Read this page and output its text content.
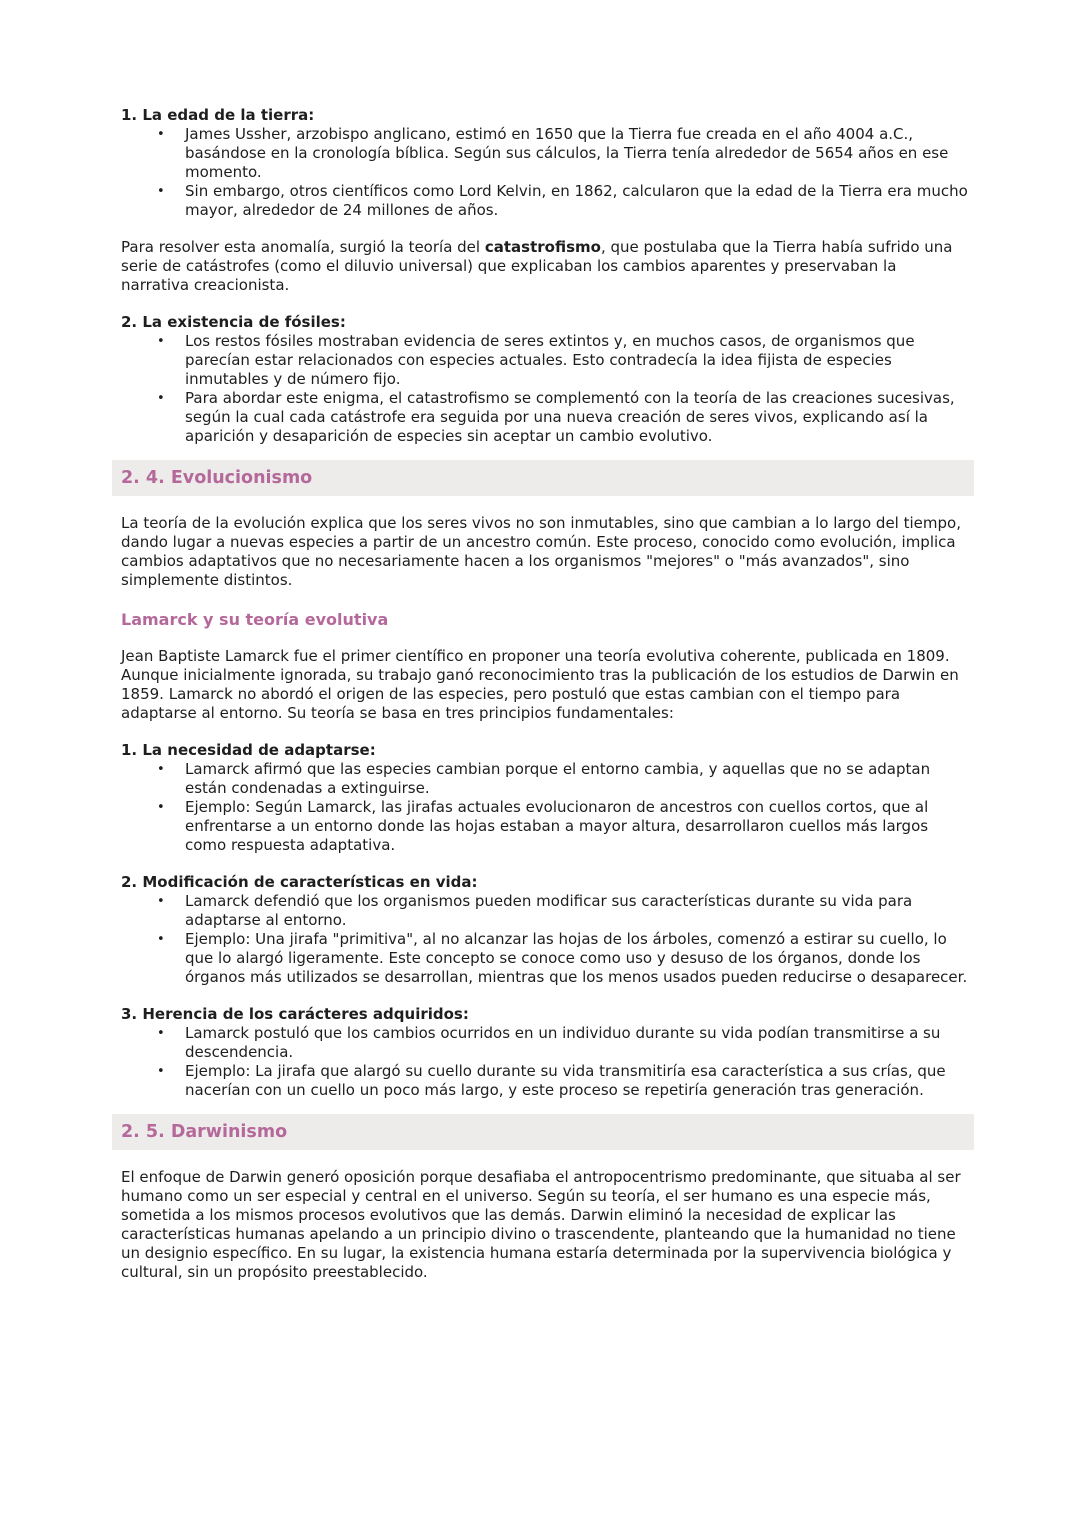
1. La edad de la tierra:
• James Ussher, arzobispo anglicano, estimó en 1650 que la Tierra fue creada en el año 4004 a.C., basándose en la cronología bíblica. Según sus cálculos, la Tierra tenía alrededor de 5654 años en ese momento.
• Sin embargo, otros científicos como Lord Kelvin, en 1862, calcularon que la edad de la Tierra era mucho mayor, alrededor de 24 millones de años.

Para resolver esta anomalía, surgió la teoría del catastrofismo, que postulaba que la Tierra había sufrido una serie de catástrofes (como el diluvio universal) que explicaban los cambios aparentes y preservaban la narrativa creacionista.

2. La existencia de fósiles:
• Los restos fósiles mostraban evidencia de seres extintos y, en muchos casos, de organismos que parecían estar relacionados con especies actuales. Esto contradecía la idea fijista de especies inmutables y de número fijo.
• Para abordar este enigma, el catastrofismo se complementó con la teoría de las creaciones sucesivas, según la cual cada catástrofe era seguida por una nueva creación de seres vivos, explicando así la aparición y desaparición de especies sin aceptar un cambio evolutivo.
2. 4. Evolucionismo

La teoría de la evolución explica que los seres vivos no son inmutables, sino que cambian a lo largo del tiempo, dando lugar a nuevas especies a partir de un ancestro común. Este proceso, conocido como evolución, implica cambios adaptativos que no necesariamente hacen a los organismos "mejores" o "más avanzados", sino simplemente distintos.

Lamarck y su teoría evolutiva

Jean Baptiste Lamarck fue el primer científico en proponer una teoría evolutiva coherente, publicada en 1809. Aunque inicialmente ignorada, su trabajo ganó reconocimiento tras la publicación de los estudios de Darwin en 1859. Lamarck no abordó el origen de las especies, pero postuló que estas cambian con el tiempo para adaptarse al entorno. Su teoría se basa en tres principios fundamentales:

1. La necesidad de adaptarse:
• Lamarck afirmó que las especies cambian porque el entorno cambia, y aquellas que no se adaptan están condenadas a extinguirse.
• Ejemplo: Según Lamarck, las jirafas actuales evolucionaron de ancestros con cuellos cortos, que al enfrentarse a un entorno donde las hojas estaban a mayor altura, desarrollaron cuellos más largos como respuesta adaptativa.
2. Modificación de características en vida:
• Lamarck defendió que los organismos pueden modificar sus características durante su vida para adaptarse al entorno.
• Ejemplo: Una jirafa "primitiva", al no alcanzar las hojas de los árboles, comenzó a estirar su cuello, lo que lo alargó ligeramente. Este concepto se conoce como uso y desuso de los órganos, donde los órganos más utilizados se desarrollan, mientras que los menos usados pueden reducirse o desaparecer.
3. Herencia de los carácteres adquiridos:
• Lamarck postuló que los cambios ocurridos en un individuo durante su vida podían transmitirse a su descendencia.
• Ejemplo: La jirafa que alargó su cuello durante su vida transmitiría esa característica a sus crías, que nacerían con un cuello un poco más largo, y este proceso se repetiría generación tras generación.
2. 5. Darwinismo

El enfoque de Darwin generó oposición porque desafiaba el antropocentrismo predominante, que situaba al ser humano como un ser especial y central en el universo. Según su teoría, el ser humano es una especie más, sometida a los mismos procesos evolutivos que las demás. Darwin eliminó la necesidad de explicar las características humanas apelando a un principio divino o trascendente, planteando que la humanidad no tiene un designio específico. En su lugar, la existencia humana estaría determinada por la supervivencia biológica y cultural, sin un propósito preestablecido.
